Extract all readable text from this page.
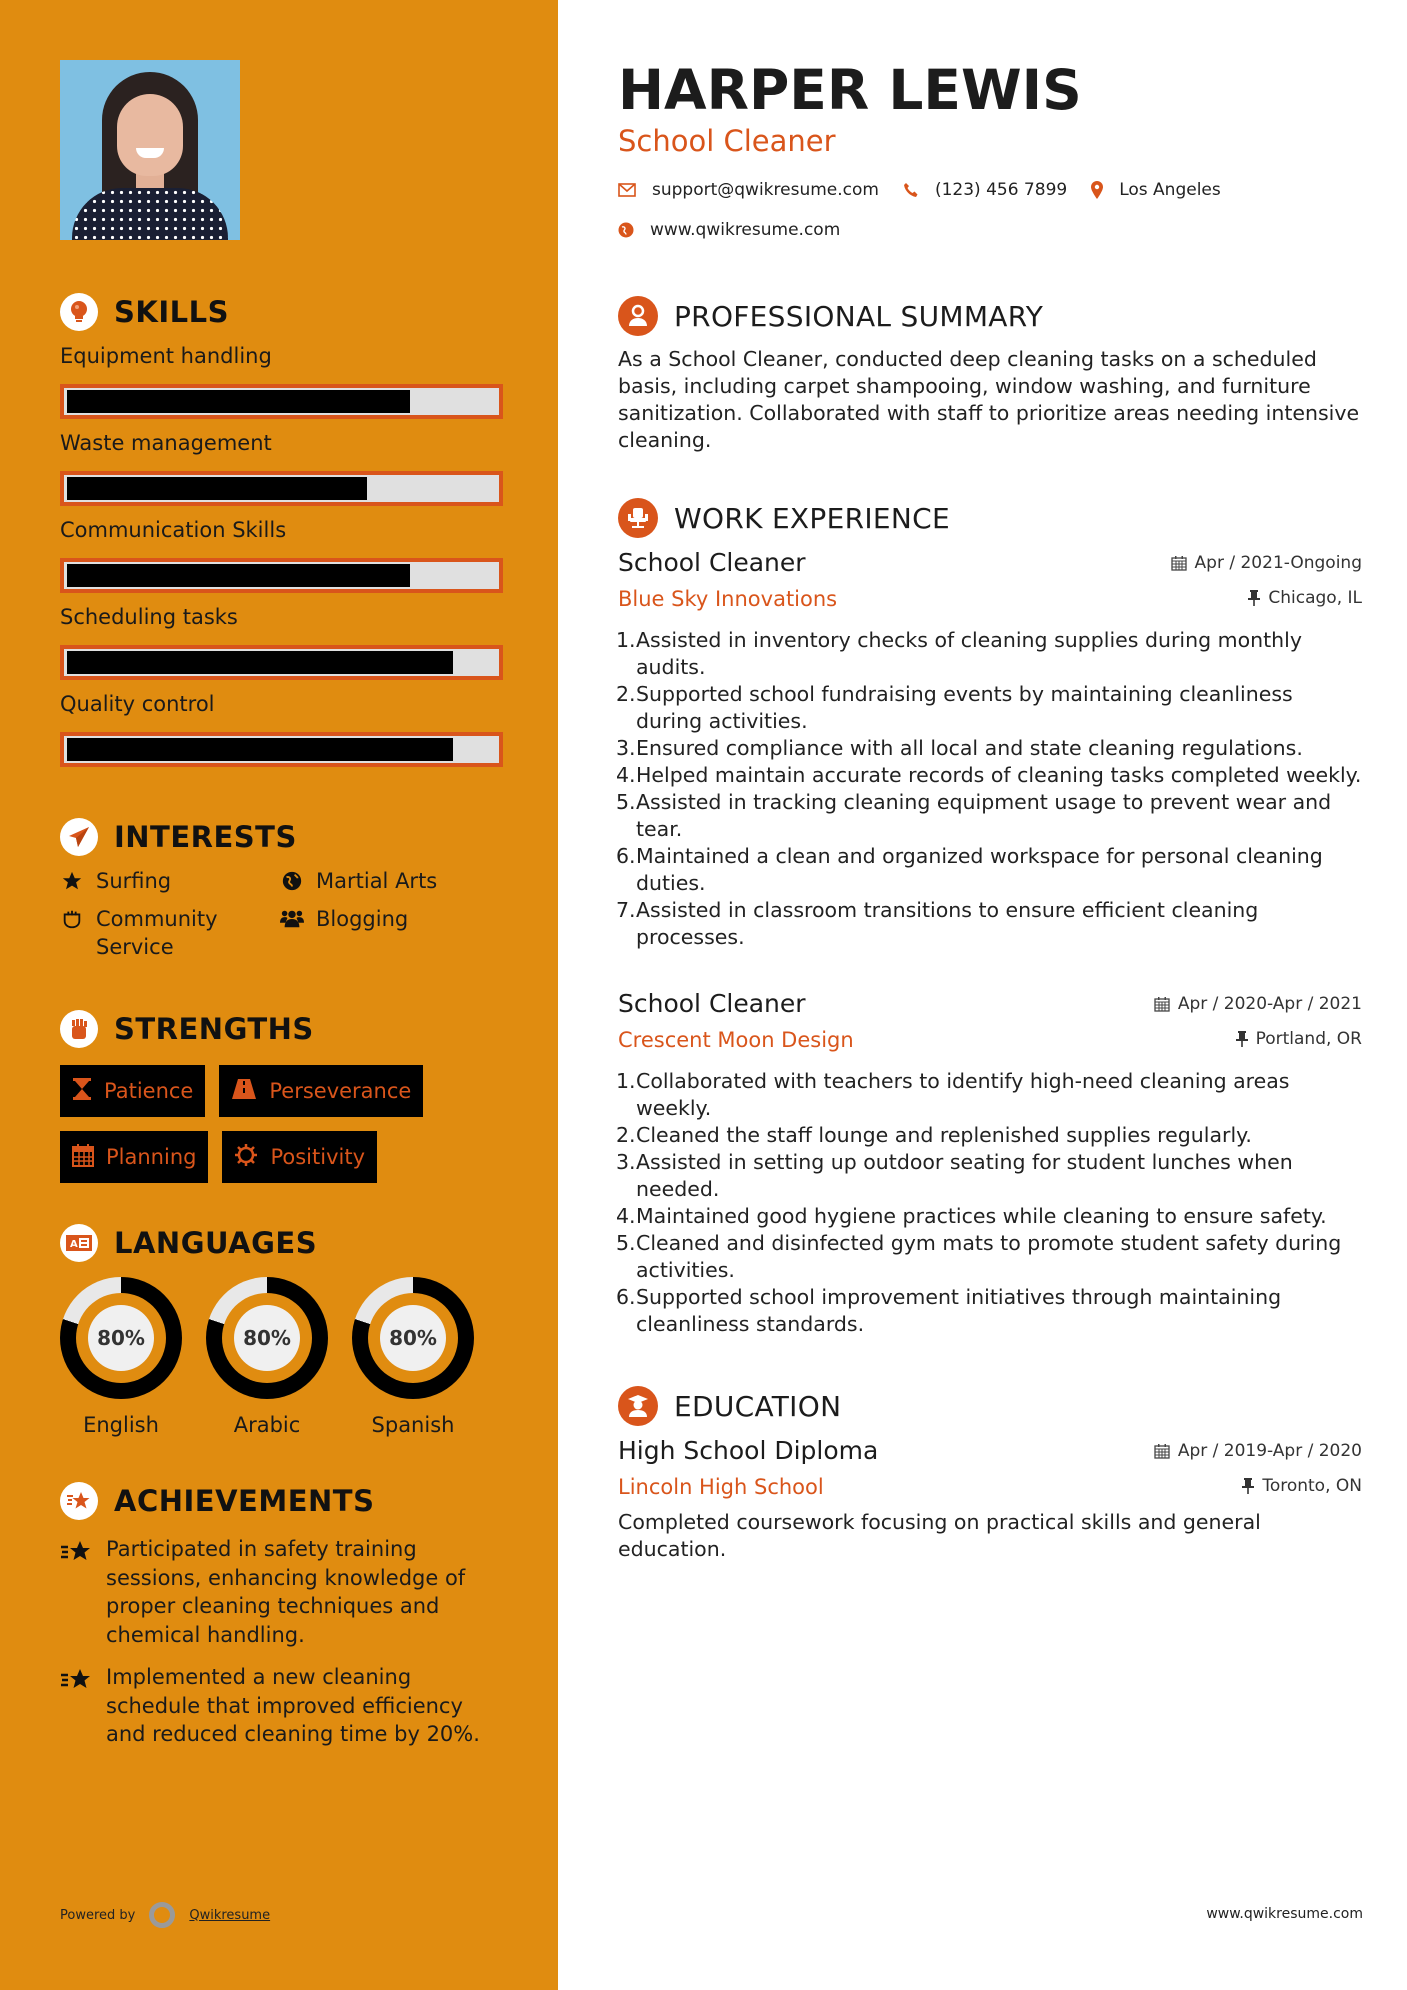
SKILLS
Equipment handling
Waste management
Communication Skills
Scheduling tasks
Quality control
INTERESTS
Surfing	Martial Arts
Community Service
Blogging
STRENGTHS
Patience	Perseverance
Planning	Positivity
A LANGUAGES
80%
English
80%
Arabic
80%
Spanish
ACHIEVEMENTS
Participated in safety training sessions, enhancing knowledge of proper cleaning techniques and chemical handling.
Implemented a new cleaning schedule that improved efficiency and reduced cleaning time by 20%.
Powered by	Qwikresume
HARPER LEWIS
School Cleaner
support@qwikresume.com	(123) 456 7899	Los Angeles
www.qwikresume.com
PROFESSIONAL SUMMARY

As a School Cleaner, conducted deep cleaning tasks on a scheduled basis, including carpet shampooing, window washing, and furniture sanitization. Collaborated with staff to prioritize areas needing intensive cleaning.

WORK EXPERIENCE
School Cleaner	Apr / 2021-Ongoing
Blue Sky Innovations	Chicago, IL
Assisted in inventory checks of cleaning supplies during monthly audits.
Supported school fundraising events by maintaining cleanliness during activities.
Ensured compliance with all local and state cleaning regulations.
Helped maintain accurate records of cleaning tasks completed weekly.
Assisted in tracking cleaning equipment usage to prevent wear and tear.
Maintained a clean and organized workspace for personal cleaning duties.
Assisted in classroom transitions to ensure efficient cleaning processes.
School Cleaner	Apr / 2020-Apr / 2021
Crescent Moon Design	Portland, OR
Collaborated with teachers to identify high-need cleaning areas weekly.
Cleaned the staff lounge and replenished supplies regularly.
Assisted in setting up outdoor seating for student lunches when needed.
Maintained good hygiene practices while cleaning to ensure safety.
Cleaned and disinfected gym mats to promote student safety during activities.
Supported school improvement initiatives through maintaining cleanliness standards.
EDUCATION
High School Diploma	Apr / 2019-Apr / 2020
Lincoln High School	Toronto, ON

Completed coursework focusing on practical skills and general education.

www.qwikresume.com
